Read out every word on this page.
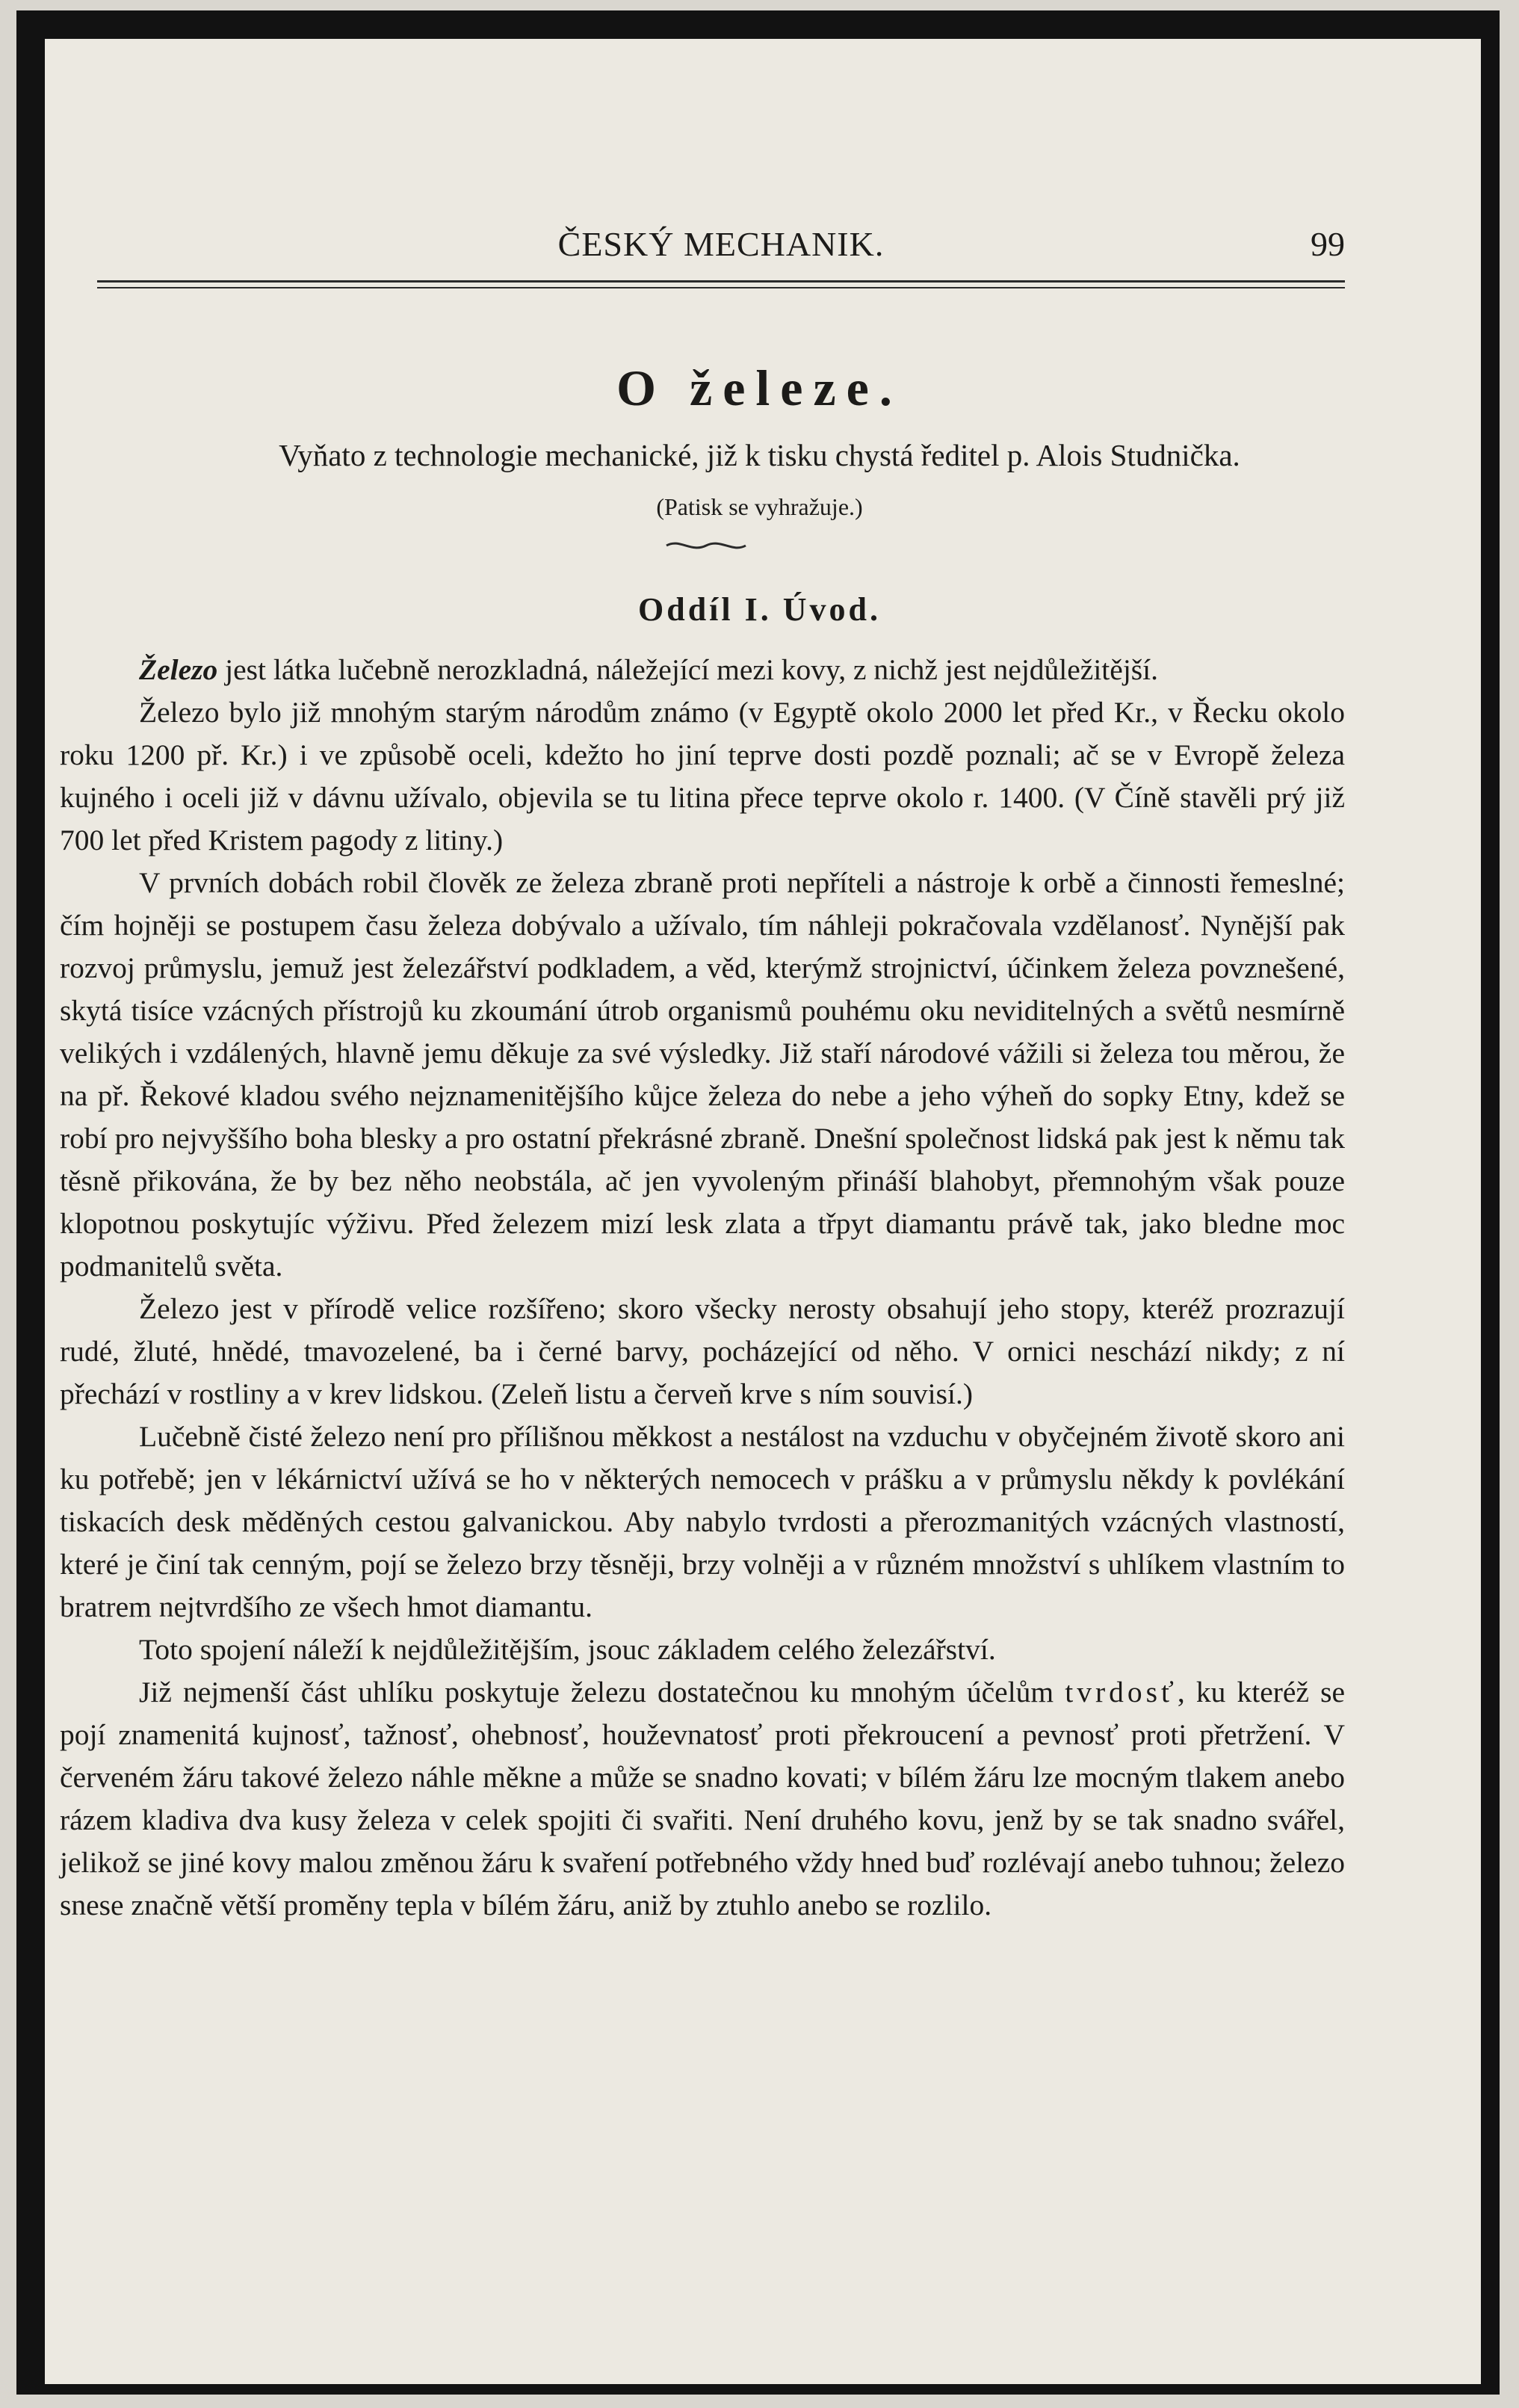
ČESKÝ MECHANIK.	99
O železe.
Vyňato z technologie mechanické, již k tisku chystá ředitel p. Alois Studnička.
(Patisk se vyhražuje.)
Oddíl I. Úvod.

Železo jest látka lučebně nerozkladná, náležející mezi kovy, z nichž jest nejdůležitější.

Železo bylo již mnohým starým národům známo (v Egyptě okolo 2000 let před Kr., v Řecku okolo roku 1200 př. Kr.) i ve způsobě oceli, kdežto ho jiní teprve dosti pozdě poznali; ač se v Evropě železa kujného i oceli již v dávnu užívalo, objevila se tu litina přece teprve okolo r. 1400. (V Číně stavěli prý již 700 let před Kristem pagody z litiny.)

V prvních dobách robil člověk ze železa zbraně proti nepříteli a nástroje k orbě a činnosti řemeslné; čím hojněji se postupem času železa dobývalo a užívalo, tím náhleji pokračovala vzdělanosť. Nynější pak rozvoj průmyslu, jemuž jest železářství podkladem, a věd, kterýmž strojnictví, účinkem železa povznešené, skytá tisíce vzácných přístrojů ku zkoumání útrob organismů pouhému oku neviditelných a světů nesmírně velikých i vzdálených, hlavně jemu děkuje za své výsledky. Již staří národové vážili si železa tou měrou, že na př. Řekové kladou svého nejznamenitějšího kůjce železa do nebe a jeho výheň do sopky Etny, kdež se robí pro nejvyššího boha blesky a pro ostatní překrásné zbraně. Dnešní společnost lidská pak jest k němu tak těsně přikována, že by bez něho neobstála, ač jen vyvoleným přináší blahobyt, přemnohým však pouze klopotnou poskytujíc výživu. Před železem mizí lesk zlata a třpyt diamantu právě tak, jako bledne moc podmanitelů světa.

Železo jest v přírodě velice rozšířeno; skoro všecky nerosty obsahují jeho stopy, kteréž prozrazují rudé, žluté, hnědé, tmavozelené, ba i černé barvy, pocházející od něho. V ornici neschází nikdy; z ní přechází v rostliny a v krev lidskou. (Zeleň listu a červeň krve s ním souvisí.)

Lučebně čisté železo není pro přílišnou měkkost a nestálost na vzduchu v obyčejném životě skoro ani ku potřebě; jen v lékárnictví užívá se ho v některých nemocech v prášku a v průmyslu někdy k povlékání tiskacích desk měděných cestou galvanickou. Aby nabylo tvrdosti a přerozmanitých vzácných vlastností, které je činí tak cenným, pojí se železo brzy těsněji, brzy volněji a v různém množství s uhlíkem vlastním to bratrem nejtvrdšího ze všech hmot diamantu.

Toto spojení náleží k nejdůležitějším, jsouc základem celého železářství.

Již nejmenší část uhlíku poskytuje železu dostatečnou ku mnohým účelům tvrdosť, ku kteréž se pojí znamenitá kujnosť, tažnosť, ohebnosť, houževnatosť proti překroucení a pevnosť proti přetržení. V červeném žáru takové železo náhle měkne a může se snadno kovati; v bílém žáru lze mocným tlakem anebo rázem kladiva dva kusy železa v celek spojiti či svařiti. Není druhého kovu, jenž by se tak snadno svářel, jelikož se jiné kovy malou změnou žáru k svaření potřebného vždy hned buď rozlévají anebo tuhnou; železo snese značně větší proměny tepla v bílém žáru, aniž by ztuhlo anebo se rozlilo.
